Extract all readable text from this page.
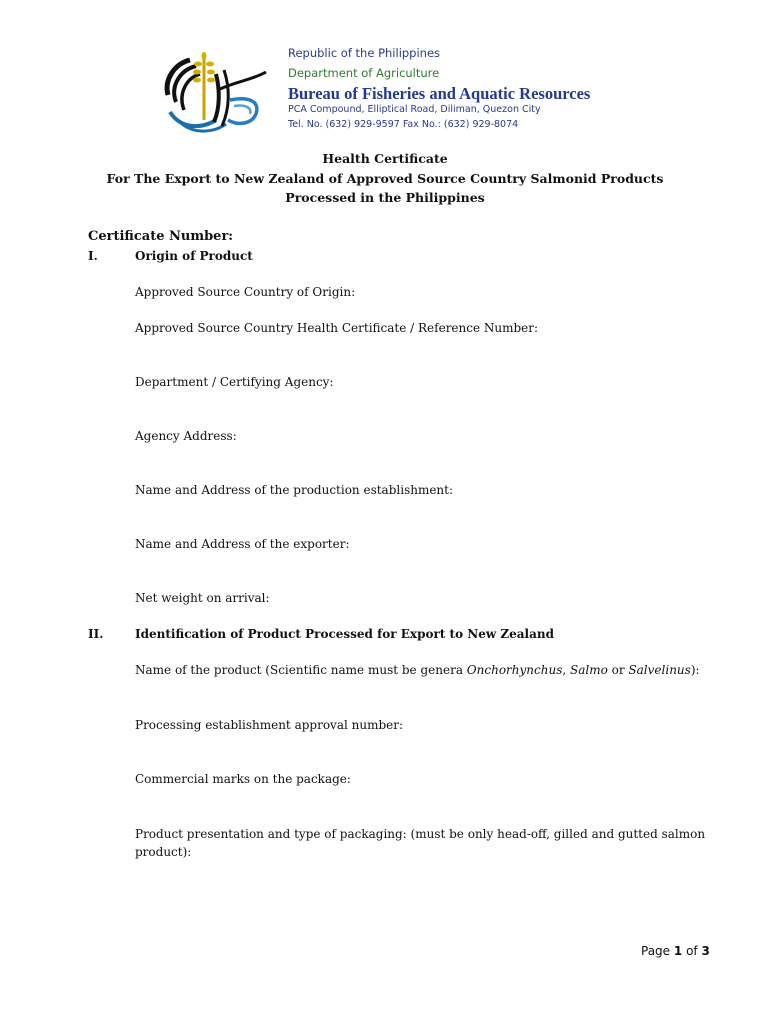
Republic of the Philippines
Department of Agriculture
Bureau of Fisheries and Aquatic Resources
PCA Compound, Elliptical Road, Diliman, Quezon City
Tel. No. (632) 929-9597 Fax No.: (632) 929-8074
Health Certificate
For The Export to New Zealand of Approved Source Country Salmonid Products
Processed in the Philippines
Certificate Number:
I.	Origin of Product
Approved Source Country of Origin:
Approved Source Country Health Certificate / Reference Number:
Department / Certifying Agency:
Agency Address:
Name and Address of the production establishment:
Name and Address of the exporter:
Net weight on arrival:
II.	Identification of Product Processed for Export to New Zealand
Name of the product (Scientific name must be genera Onchorhynchus, Salmo or Salvelinus):
Processing establishment approval number:
Commercial marks on the package:
Product presentation and type of packaging: (must be only head-off, gilled and gutted salmon product):
Page 1 of 3
